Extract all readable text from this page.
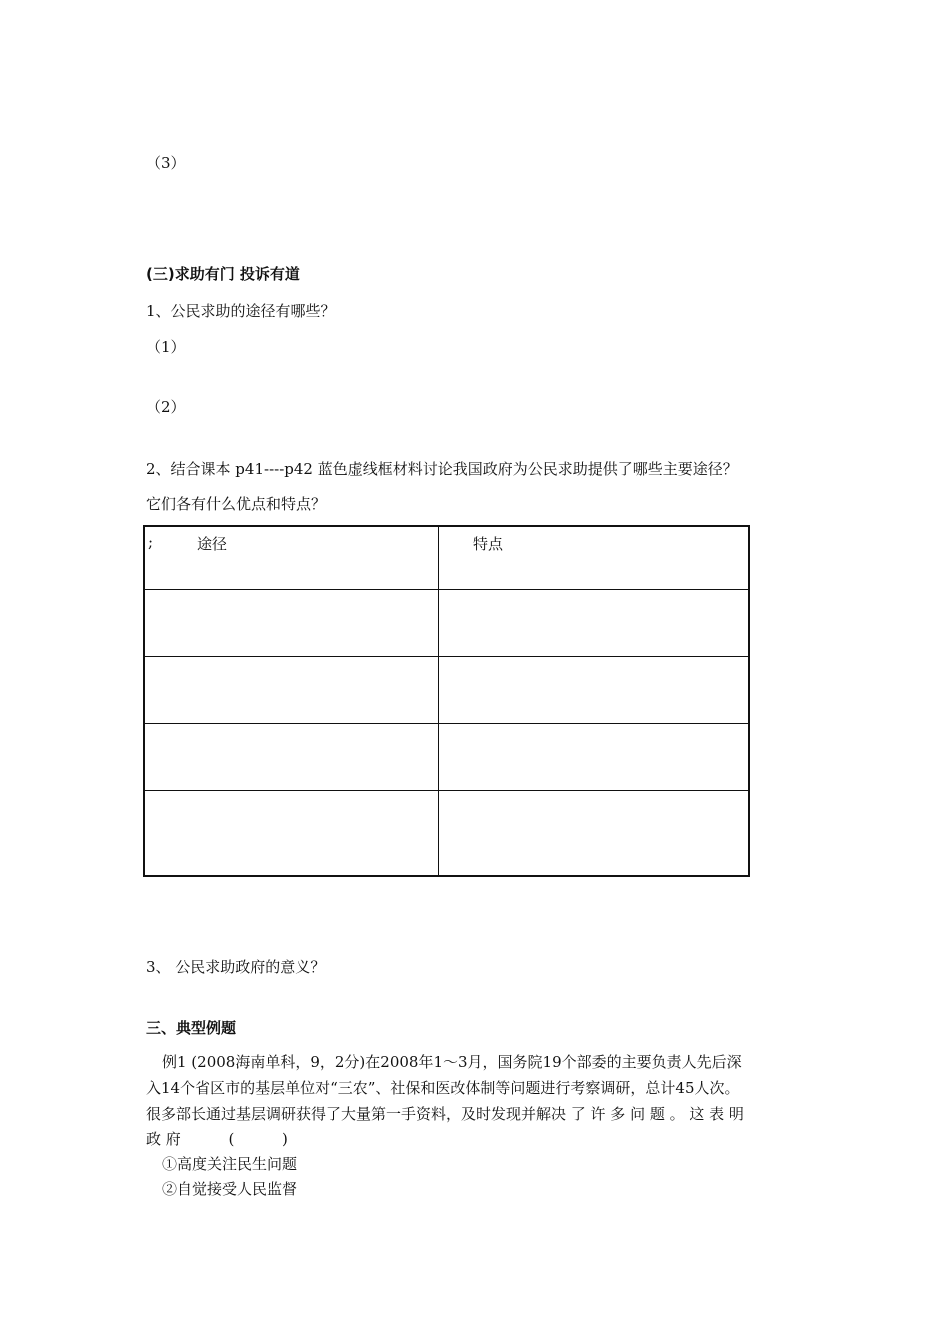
（3）
(三)求助有门 投诉有道
1、公民求助的途径有哪些？
（1）
（2）
2、结合课本 p41----p42 蓝色虚线框材料讨论我国政府为公民求助提供了哪些主要途径？
它们各有什么优点和特点？
; 途径	特点

3、 公民求助政府的意义？
三、典型例题
例1 (2008海南单科，9，2分)在2008年1～3月，国务院19个部委的主要负责人先后深
入14个省区市的基层单位对“三农”、社保和医改体制等问题进行考察调研，总计45人次。
很多部长通过基层调研获得了大量第一手资料，及时发现并解决 了 许 多 问 题 。 这 表 明
政 府          (          )
①高度关注民生问题
②自觉接受人民监督
